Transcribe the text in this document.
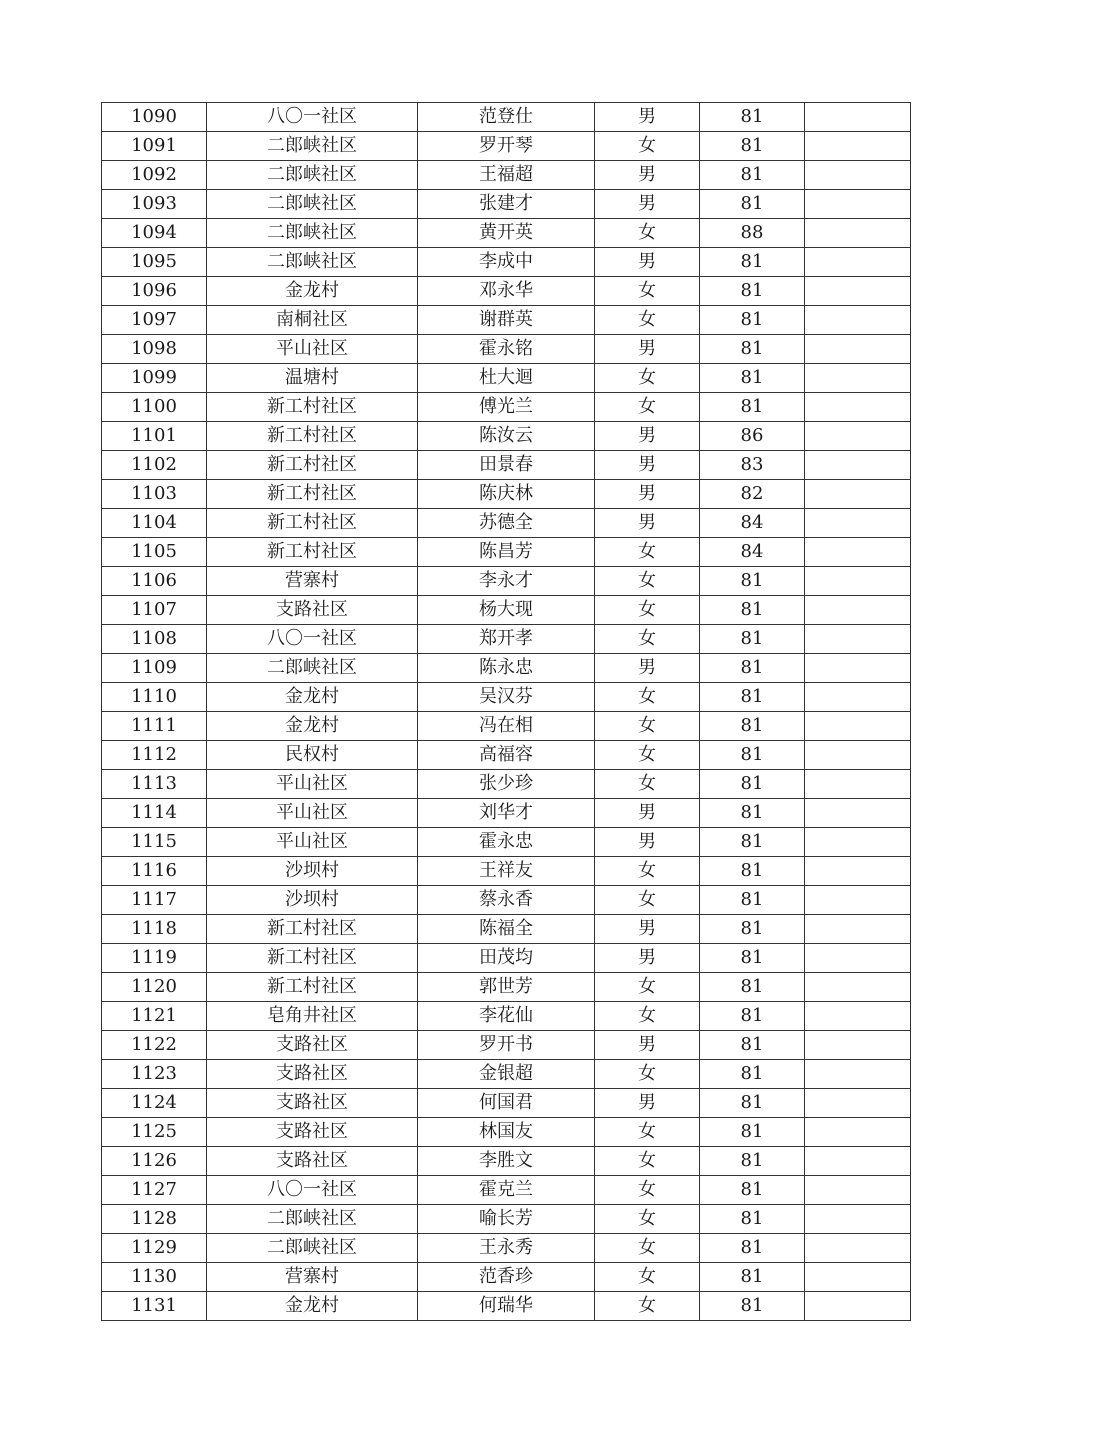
1090	八〇一社区	范登仕	男	81	
1091	二郎峡社区	罗开琴	女	81	
1092	二郎峡社区	王福超	男	81	
1093	二郎峡社区	张建才	男	81	
1094	二郎峡社区	黄开英	女	88	
1095	二郎峡社区	李成中	男	81	
1096	金龙村	邓永华	女	81	
1097	南桐社区	谢群英	女	81	
1098	平山社区	霍永铭	男	81	
1099	温塘村	杜大迴	女	81	
1100	新工村社区	傅光兰	女	81	
1101	新工村社区	陈汝云	男	86	
1102	新工村社区	田景春	男	83	
1103	新工村社区	陈庆林	男	82	
1104	新工村社区	苏德全	男	84	
1105	新工村社区	陈昌芳	女	84	
1106	营寨村	李永才	女	81	
1107	支路社区	杨大现	女	81	
1108	八〇一社区	郑开孝	女	81	
1109	二郎峡社区	陈永忠	男	81	
1110	金龙村	吴汉芬	女	81	
1111	金龙村	冯在相	女	81	
1112	民权村	高福容	女	81	
1113	平山社区	张少珍	女	81	
1114	平山社区	刘华才	男	81	
1115	平山社区	霍永忠	男	81	
1116	沙坝村	王祥友	女	81	
1117	沙坝村	蔡永香	女	81	
1118	新工村社区	陈福全	男	81	
1119	新工村社区	田茂均	男	81	
1120	新工村社区	郭世芳	女	81	
1121	皂角井社区	李花仙	女	81	
1122	支路社区	罗开书	男	81	
1123	支路社区	金银超	女	81	
1124	支路社区	何国君	男	81	
1125	支路社区	林国友	女	81	
1126	支路社区	李胜文	女	81	
1127	八〇一社区	霍克兰	女	81	
1128	二郎峡社区	喻长芳	女	81	
1129	二郎峡社区	王永秀	女	81	
1130	营寨村	范香珍	女	81	
1131	金龙村	何瑞华	女	81	
